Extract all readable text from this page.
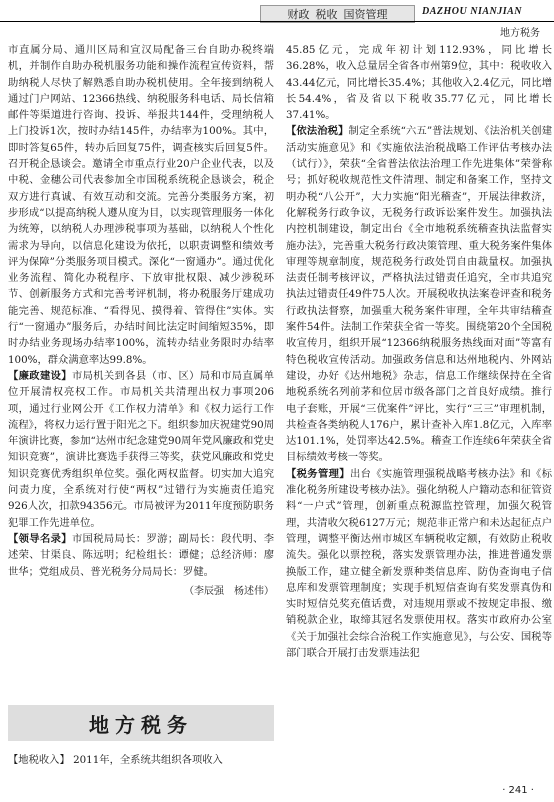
财政 税收 国资管理	DAZHOU NIANJIAN
地方税务

市直属分局、通川区局和宣汉局配备三台自助办税终端机，并制作自助办税机服务功能和操作流程宣传资料，帮助纳税人尽快了解熟悉自助办税机使用。全年接到纳税人通过门户网站、12366热线、纳税服务科电话、局长信箱邮件等渠道进行咨询、投诉、举报共144件，受理纳税人上门投诉1次，按时办结145件，办结率为100%。其中，即时答复65件，转办后回复75件，调查核实后回复5件。召开税企恳谈会。邀请全市重点行业20户企业代表，以及中税、金穗公司代表参加全市国税系统税企恳谈会，税企双方进行真诚、有效互动和交流。完善分类服务方案，初步形成“以提高纳税人遵从度为目，以实现管理服务一体化为统筹，以纳税人办理涉税事项为基础，以纳税人个性化需求为导向，以信息化建设为依托，以职责调整和绩效考评为保障”分类服务项目模式。深化“一窗通办”。通过优化业务流程、简化办税程序、下放审批权限、减少涉税环节、创新服务方式和完善考评机制，将办税服务厅建成功能完善、规范标准、“看得见、摸得着、管得住”实体。实行“一窗通办”服务后，办结时间比法定时间缩短35%，即时办结业务现场办结率100%，流转办结业务限时办结率100%，群众满意率达99.8%。

【廉政建设】市局机关到各县（市、区）局和市局直属单位开展清权亮权工作。市局机关共清理出权力事项206项，通过行业网公开《工作权力清单》和《权力运行工作流程》，将权力运行置于阳光之下。组织参加庆祝建党90周年演讲比赛，参加“达州市纪念建党90周年党风廉政和党史知识竞赛”，演讲比赛选手获得三等奖，获党风廉政和党史知识竞赛优秀组织单位奖。强化两权监督。切实加大追究问责力度，全系统对行使“两权”过错行为实施责任追究926人次，扣款94356元。市局被评为2011年度预防职务犯罪工作先进单位。

【领导名录】市国税局局长：罗游；副局长：段代明、李述荣、甘渠良、陈远明；纪检组长：谭健；总经济师：廖世华；党组成员、普光税务分局局长：罗健。

（李辰强　杨述伟）
地方税务
【地税收入】 2011年，全系统共组织各项收入

45.85亿元，完成年初计划112.93%，同比增长36.28%，收入总量居全省各市州第9位，其中：税收收入43.44亿元，同比增长35.4%；其他收入2.4亿元，同比增长54.4%，省及省以下税收35.77亿元，同比增长37.41%。

【依法治税】制定全系统“六五”普法规划、《法治机关创建活动实施意见》和《实施依法治税战略工作评估考核办法（试行）》，荣获“全省普法依法治理工作先进集体”荣誉称号；抓好税收规范性文件清理、制定和备案工作，坚持文明办税“八公开”，大力实施“阳光稽查”，开展法律救济，化解税务行政争议，无税务行政诉讼案件发生。加强执法内控机制建设，制定出台《全市地税系统稽查执法监督实施办法》，完善重大税务行政决策管理、重大税务案件集体审理等规章制度，规范税务行政处罚自由裁量权。加强执法责任制考核评议，严格执法过错责任追究，全市共追究执法过错责任49件75人次。开展税收执法案卷评查和税务行政执法督察，加强重大税务案件审理，全年共审结稽查案件54件。法制工作荣获全省一等奖。围绕第20个全国税收宣传月，组织开展“12366纳税服务热线面对面”等富有特色税收宣传活动。加强政务信息和达州地税内、外网站建设，办好《达州地税》杂志，信息工作继续保持在全省地税系统名列前茅和位居市级各部门之首良好成绩。推行电子套账，开展“三优案件”评比，实行“三三”审理机制，共检查各类纳税人176户，累计查补入库1.8亿元，入库率达101.1%，处罚率达42.5%。稽查工作连续6年荣获全省目标绩效考核一等奖。

【税务管理】出台《实施管理强税战略考核办法》和《标准化税务所建设考核办法》。强化纳税人户籍动态和征管资料“一户式”管理，创新重点税源监控管理，加强欠税管理，共清收欠税6127万元；规范非正常户和未达起征点户管理，调整平衡达州市城区车辆税收定额，有效防止税收流失。强化以票控税，落实发票管理办法，推进普通发票换版工作，建立健全新发票种类信息库、防伪查询电子信息库和发票管理制度；实现手机短信查询有奖发票真伪和实时短信兑奖充值话费，对违规用票或不按规定串报、缴销税款企业，取缔其冠名发票使用权。落实市政府办公室《关于加强社会综合治税工作实施意见》，与公安、国税等部门联合开展打击发票违法犯

· 241 ·
